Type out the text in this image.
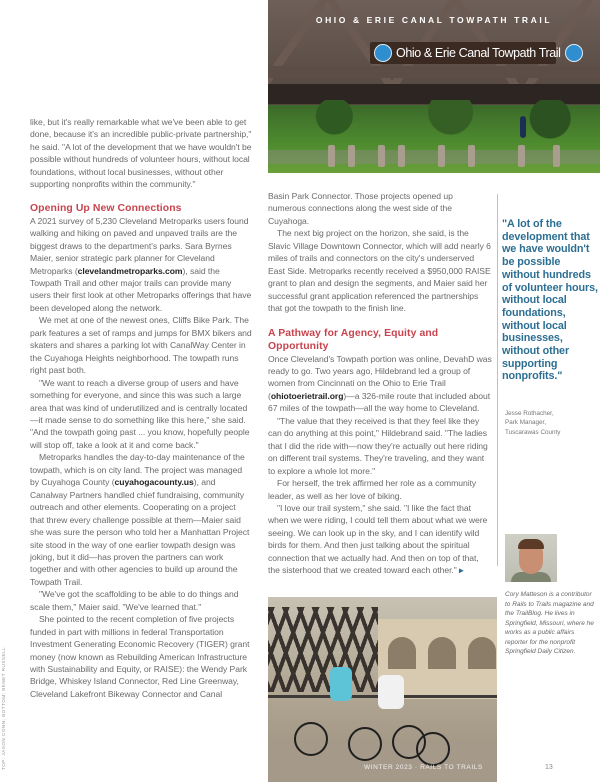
OHIO & ERIE CANAL TOWPATH TRAIL
Ohio & Erie Canal Towpath Trail

like, but it's really remarkable what we've been able to get done, because it's an incredible public-private partnership," he said. "A lot of the development that we have wouldn't be possible without hundreds of volunteer hours, without local foundations, without local businesses, without other supporting nonprofits within the community."

Opening Up New Connections

A 2021 survey of 5,230 Cleveland Metroparks users found walking and hiking on paved and unpaved trails are the biggest draws to the department's parks. Sara Byrnes Maier, senior strategic park planner for Cleveland Metroparks (clevelandmetroparks.com), said the Towpath Trail and other major trails can provide many users their first look at other Metroparks offerings that have been developed along the network.

We met at one of the newest ones, Cliffs Bike Park. The park features a set of ramps and jumps for BMX bikers and skaters and shares a parking lot with CanalWay Center in the Cuyahoga Heights neighborhood. The towpath runs right past both.

"We want to reach a diverse group of users and have something for everyone, and since this was such a large area that was kind of underutilized and is centrally located—it made sense to do something like this here," she said. "And the towpath going past ... you know, hopefully people will stop off, take a look at it and come back."

Metroparks handles the day-to-day maintenance of the towpath, which is on city land. The project was managed by Cuyahoga County (cuyahogacounty.us), and Canalway Partners handled chief fundraising, community outreach and other elements. Cooperating on a project that threw every challenge possible at them—Maier said she was sure the person who told her a Manhattan Project site stood in the way of one earlier towpath design was joking, but it did—has proven the partners can work together and with other agencies to build up around the Towpath Trail.

"We've got the scaffolding to be able to do things and scale them," Maier said. "We've learned that."

She pointed to the recent completion of five projects funded in part with millions in federal Transportation Investment Generating Economic Recovery (TIGER) grant money (now known as Rebuilding American Infrastructure with Sustainability and Equity, or RAISE): the Wendy Park Bridge, Whiskey Island Connector, Red Line Greenway, Cleveland Lakefront Bikeway Connector and Canal

Basin Park Connector. Those projects opened up numerous connections along the west side of the Cuyahoga.

The next big project on the horizon, she said, is the Slavic Village Downtown Connector, which will add nearly 6 miles of trails and connectors on the city's underserved East Side. Metroparks recently received a $950,000 RAISE grant to plan and design the segments, and Maier said her successful grant application referenced the partnerships that got the towpath to the finish line.

A Pathway for Agency, Equity and Opportunity

Once Cleveland's Towpath portion was online, DevahD was ready to go. Two years ago, Hildebrand led a group of women from Cincinnati on the Ohio to Erie Trail (ohiotoerietrail.org)—a 326-mile route that included about 67 miles of the towpath—all the way home to Cleveland.

"The value that they received is that they feel like they can do anything at this point," Hildebrand said. "The ladies that I did the ride with—now they're actually out here riding on different trail systems. They're traveling, and they want to explore a whole lot more."

For herself, the trek affirmed her role as a community leader, as well as her love of biking.

"I love our trail system," she said. "I like the fact that when we were riding, I could tell them about what we were seeing. We can look up in the sky, and I can identify wild birds for them. And then just talking about the spiritual connection that we actually had. And then on top of that, the sisterhood that we created toward each other." ▸

"A lot of the development that we have wouldn't be possible without hundreds of volunteer hours, without local foundations, without local businesses, without other supporting nonprofits."
Jesse Rothacher,
Park Manager,
Tuscarawas County
Cory Matteson is a contributor to Rails to Trails magazine and the TrailBlog. He lives in Springfield, Missouri, where he works as a public affairs reporter for the nonprofit Springfield Daily Citizen.
WINTER 2023 · RAILS TO TRAILS	13
TOP: JASON CONN; BOTTOM: BENET RUSSELL
